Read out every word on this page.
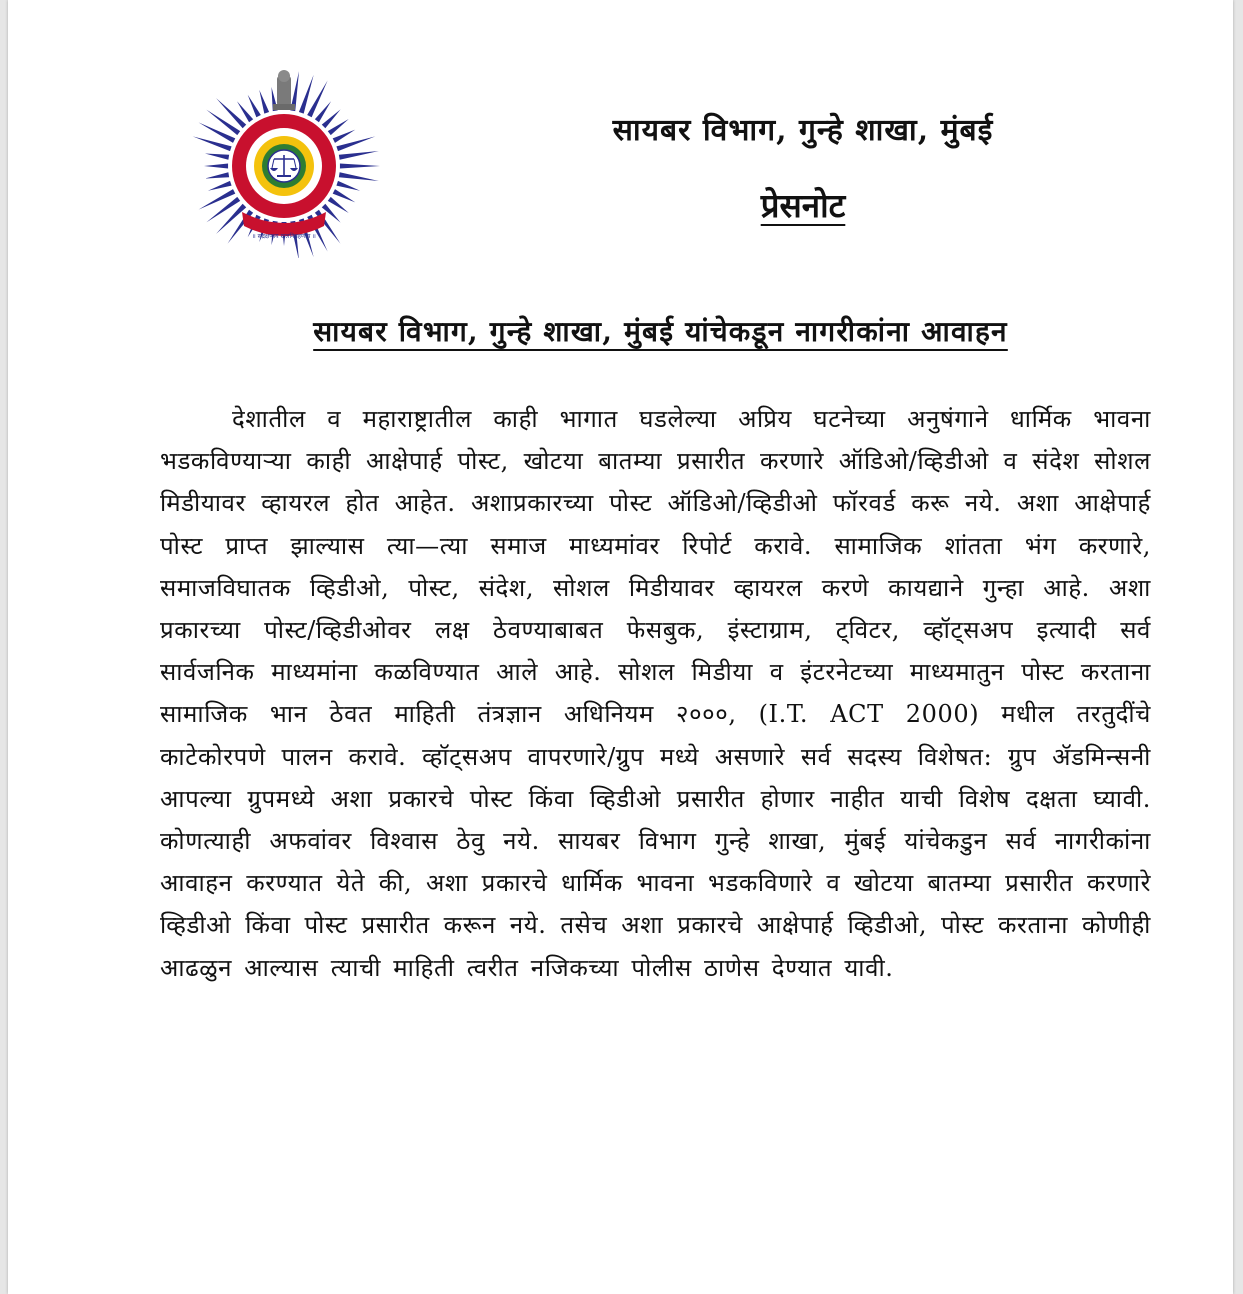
॥ सद्रक्षणाय खलनिग्रहणाय ॥
सायबर विभाग, गुन्हे शाखा, मुंबई
प्रेसनोट
सायबर विभाग, गुन्हे शाखा, मुंबई यांचेकडून नागरीकांना आवाहन
देशातील व महाराष्ट्रातील काही भागात घडलेल्या अप्रिय घटनेच्या अनुषंगाने धार्मिक भावना भडकविण्याऱ्या काही आक्षेपार्ह पोस्ट, खोटया बातम्या प्रसारीत करणारे ऑडिओ/व्हिडीओ व संदेश सोशल मिडीयावर व्हायरल होत आहेत. अशाप्रकारच्या पोस्ट ऑडिओ/व्हिडीओ फॉरवर्ड करू नये. अशा आक्षेपार्ह पोस्ट प्राप्त झाल्यास त्या—त्या समाज माध्यमांवर रिपोर्ट करावे. सामाजिक शांतता भंग करणारे, समाजविघातक व्हिडीओ, पोस्ट, संदेश, सोशल मिडीयावर व्हायरल करणे कायद्याने गुन्हा आहे. अशा प्रकारच्या पोस्ट/व्हिडीओवर लक्ष ठेवण्याबाबत फेसबुक, इंस्टाग्राम, ट्विटर, व्हॉट्सअप इत्यादी सर्व सार्वजनिक माध्यमांना कळविण्यात आले आहे. सोशल मिडीया व इंटरनेटच्या माध्यमातुन पोस्ट करताना सामाजिक भान ठेवत माहिती तंत्रज्ञान अधिनियम २०००, (I.T. ACT 2000) मधील तरतुदींचे काटेकोरपणे पालन करावे. व्हॉट्सअप वापरणारे/ग्रुप मध्ये असणारे सर्व सदस्य विशेषत: ग्रुप ॲडमिन्सनी आपल्या ग्रुपमध्ये अशा प्रकारचे पोस्ट किंवा व्हिडीओ प्रसारीत होणार नाहीत याची विशेष दक्षता घ्यावी. कोणत्याही अफवांवर विश्वास ठेवु नये. सायबर विभाग गुन्हे शाखा, मुंबई यांचेकडुन सर्व नागरीकांना आवाहन करण्यात येते की, अशा प्रकारचे धार्मिक भावना भडकविणारे व खोटया बातम्या प्रसारीत करणारे व्हिडीओ किंवा पोस्ट प्रसारीत करून नये. तसेच अशा प्रकारचे आक्षेपार्ह व्हिडीओ, पोस्ट करताना कोणीही आढळुन आल्यास त्याची माहिती त्वरीत नजिकच्या पोलीस ठाणेस देण्यात यावी.
